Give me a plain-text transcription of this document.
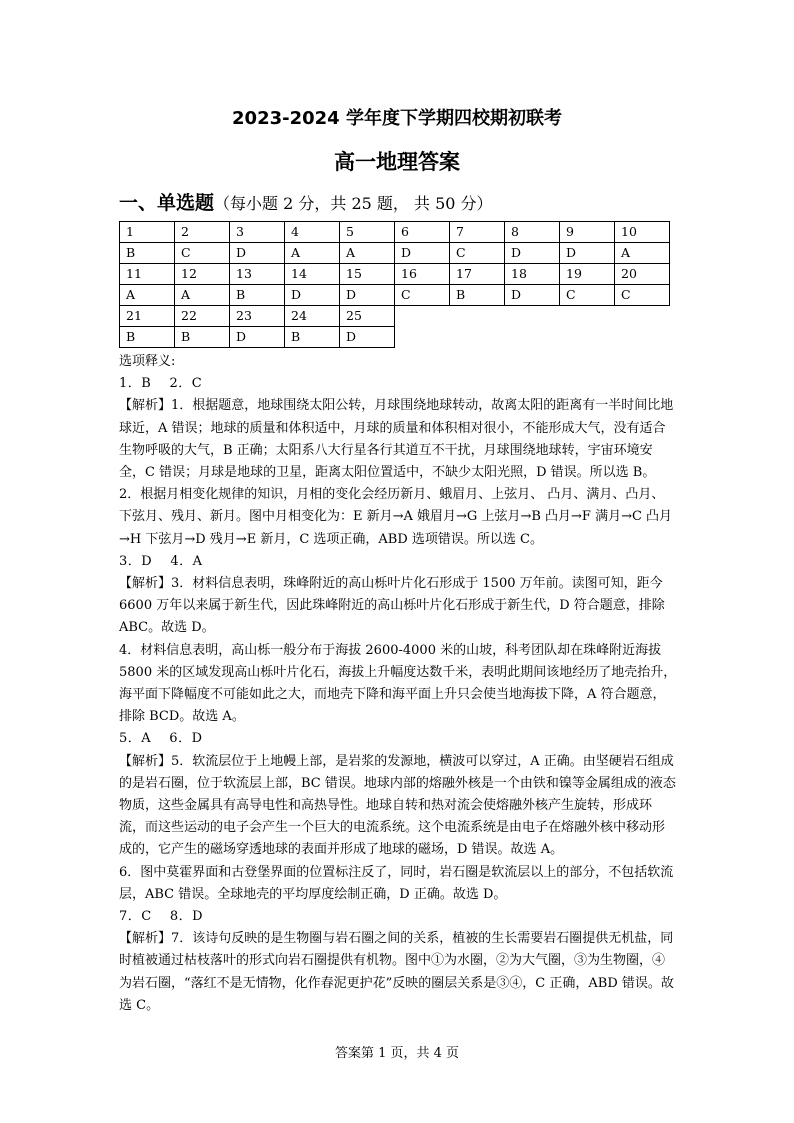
2023-2024 学年度下学期四校期初联考
高一地理答案
一、单选题（每小题 2 分，共 25 题， 共 50 分）
1	2	3	4	5	6	7	8	9	10
B	C	D	A	A	D	C	D	D	A
11	12	13	14	15	16	17	18	19	20
A	A	B	D	D	C	B	D	C	C
21	22	23	24	25					
B	B	D	B	D					

选项释义:

1．B　 2．C

【解析】1．根据题意，地球围绕太阳公转，月球围绕地球转动，故离太阳的距离有一半时间比地球近，A 错误；地球的质量和体积适中，月球的质量和体积相对很小，不能形成大气，没有适合生物呼吸的大气，B 正确；太阳系八大行星各行其道互不干扰，月球围绕地球转，宇宙环境安全，C 错误；月球是地球的卫星，距离太阳位置适中，不缺少太阳光照，D 错误。所以选 B。

2．根据月相变化规律的知识，月相的变化会经历新月、蛾眉月、上弦月、 凸月、满月、凸月、下弦月、残月、新月。图中月相变化为：E 新月→A 娥眉月→G 上弦月→B 凸月→F 满月→C 凸月→H 下弦月→D 残月→E 新月，C 选项正确，ABD 选项错误。所以选 C。

3．D　 4．A

【解析】3．材料信息表明，珠峰附近的高山栎叶片化石形成于 1500 万年前。读图可知，距今 6600 万年以来属于新生代，因此珠峰附近的高山栎叶片化石形成于新生代，D 符合题意，排除 ABC。故选 D。

4．材料信息表明，高山栎一般分布于海拔 2600-4000 米的山坡，科考团队却在珠峰附近海拔 5800 米的区域发现高山栎叶片化石，海拔上升幅度达数千米，表明此期间该地经历了地壳抬升，海平面下降幅度不可能如此之大，而地壳下降和海平面上升只会使当地海拔下降，A 符合题意，排除 BCD。故选 A。

5．A　 6．D

【解析】5．软流层位于上地幔上部，是岩浆的发源地，横波可以穿过，A 正确。由坚硬岩石组成的是岩石圈，位于软流层上部，BC 错误。地球内部的熔融外核是一个由铁和镍等金属组成的液态物质，这些金属具有高导电性和高热导性。地球自转和热对流会使熔融外核产生旋转，形成环流，而这些运动的电子会产生一个巨大的电流系统。这个电流系统是由电子在熔融外核中移动形成的，它产生的磁场穿透地球的表面并形成了地球的磁场，D 错误。故选 A。

6．图中莫霍界面和古登堡界面的位置标注反了，同时，岩石圈是软流层以上的部分，不包括软流层，ABC 错误。全球地壳的平均厚度绘制正确，D 正确。故选 D。

7．C　 8．D

【解析】7．该诗句反映的是生物圈与岩石圈之间的关系，植被的生长需要岩石圈提供无机盐，同时植被通过枯枝落叶的形式向岩石圈提供有机物。图中①为水圈，②为大气圈，③为生物圈，④为岩石圈，“落红不是无情物，化作春泥更护花”反映的圈层关系是③④，C 正确，ABD 错误。故选 C。

答案第 1 页，共 4 页
